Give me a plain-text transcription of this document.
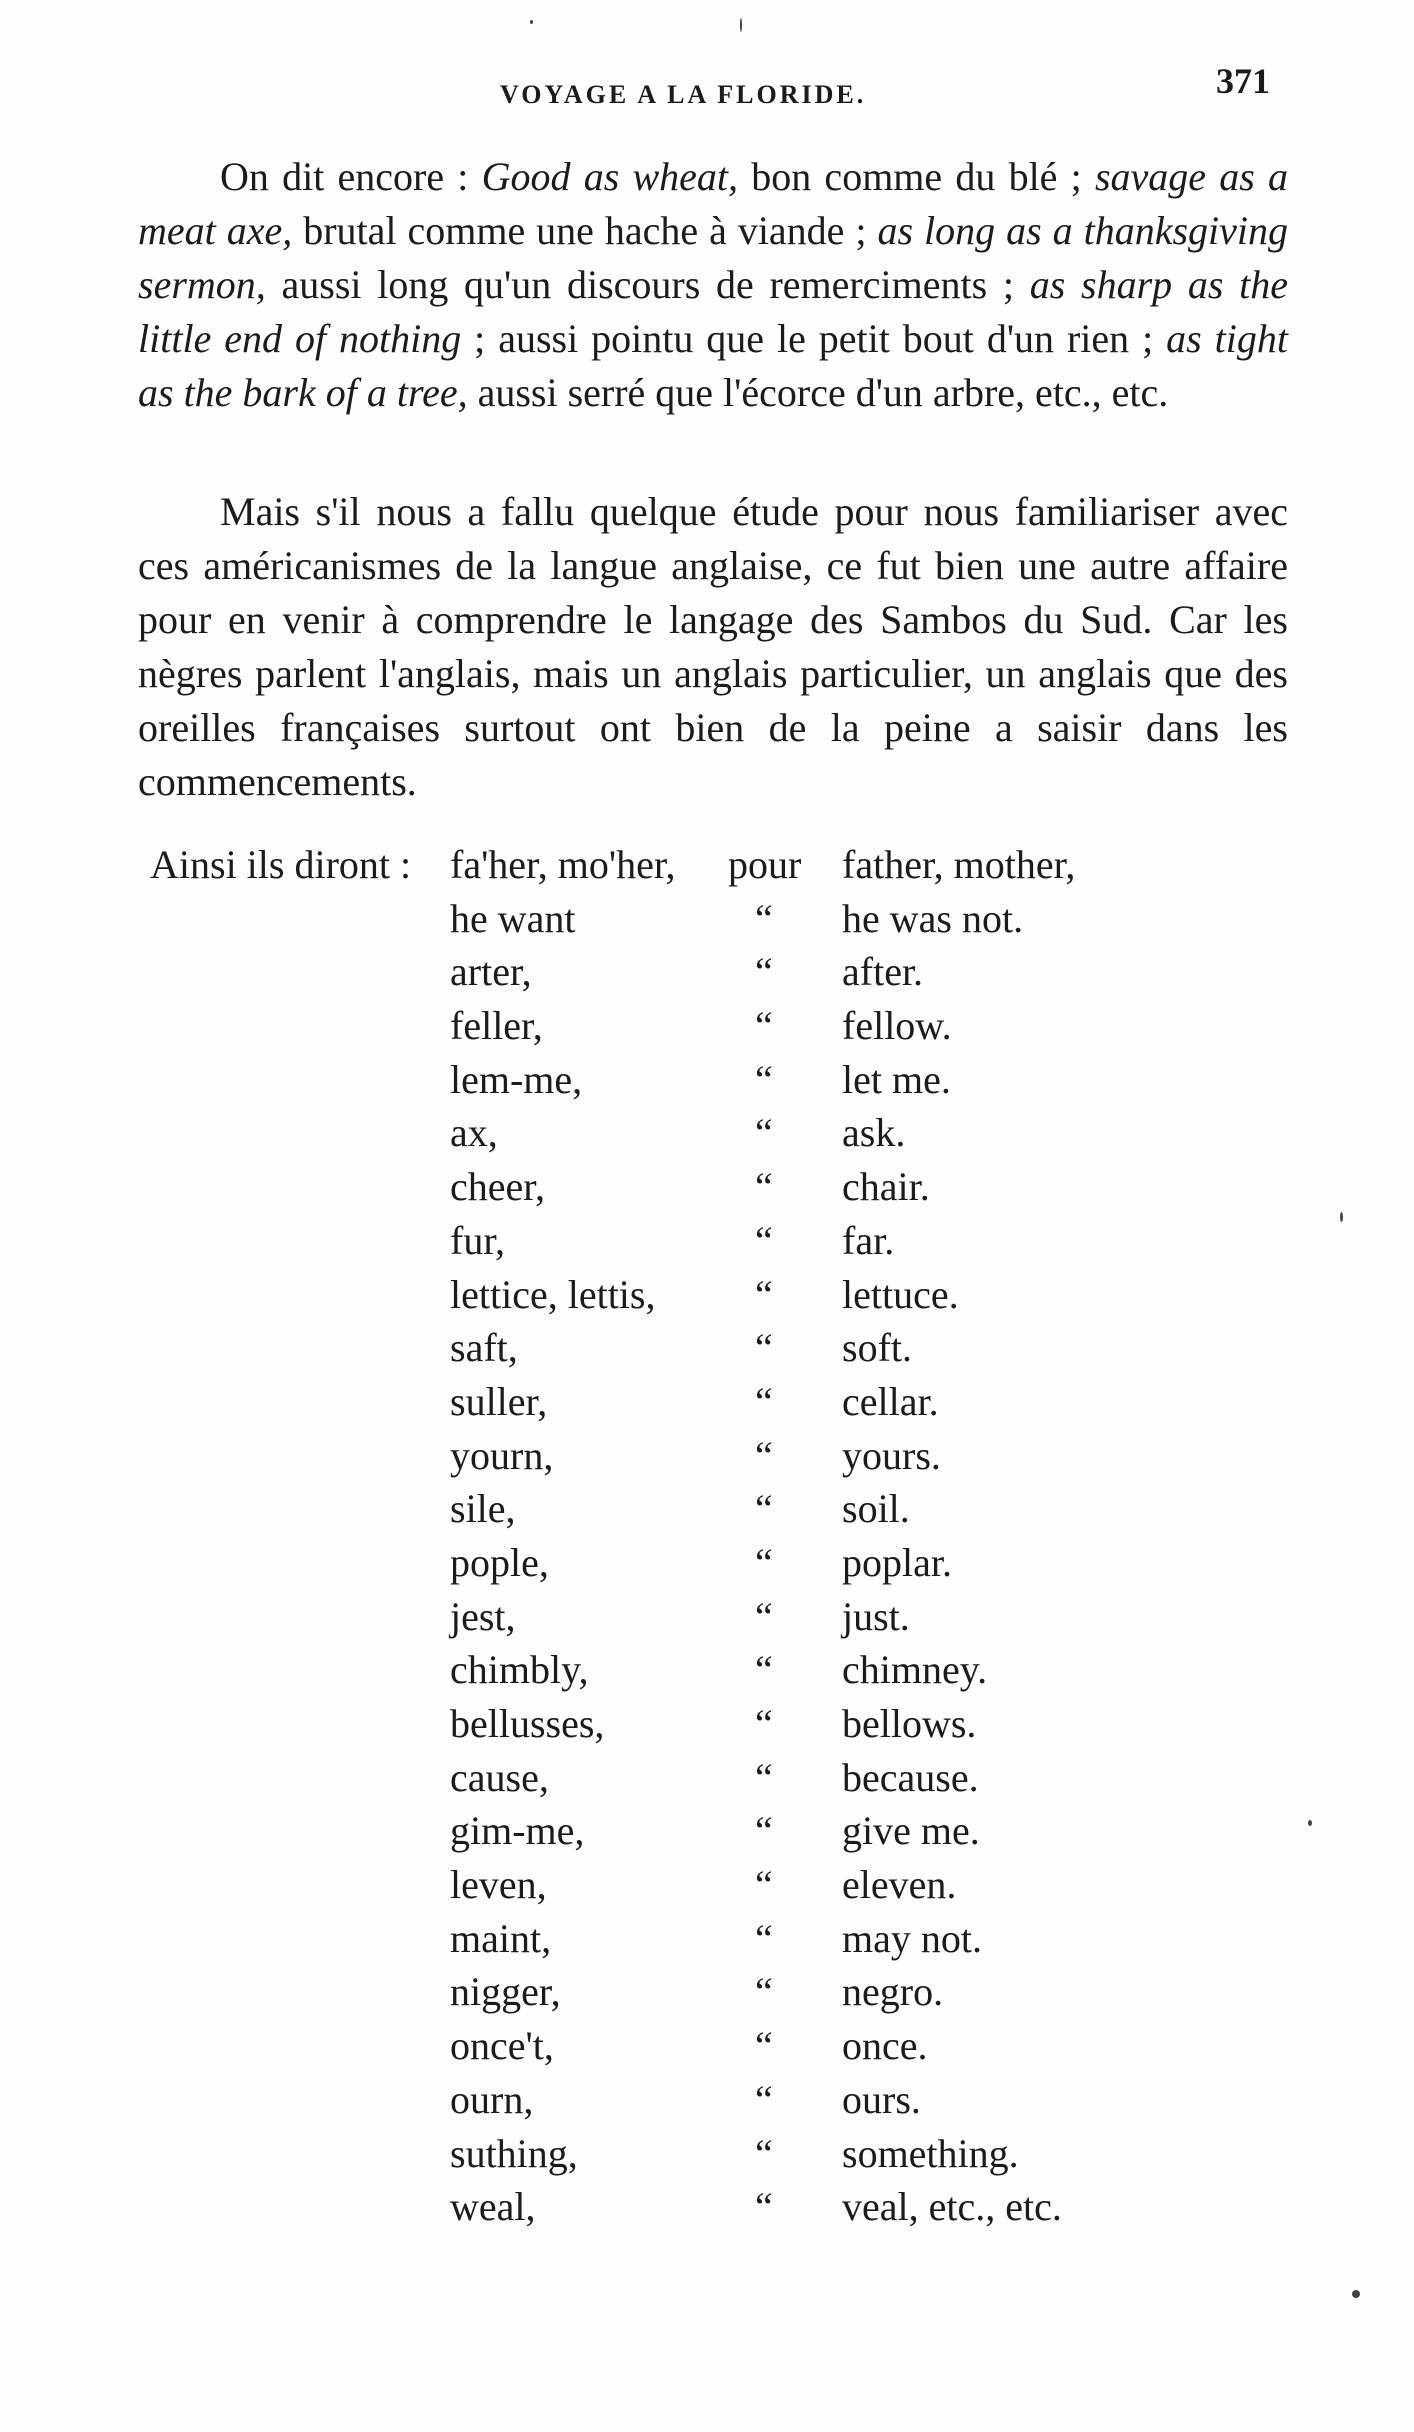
VOYAGE A LA FLORIDE.	371

On dit encore : Good as wheat, bon comme du blé ; savage as a meat axe, brutal comme une hache à viande ; as long as a thanksgiving sermon, aussi long qu'un discours de remerciments ; as sharp as the little end of nothing ; aussi pointu que le petit bout d'un rien ; as tight as the bark of a tree, aussi serré que l'écorce d'un arbre, etc., etc.

Mais s'il nous a fallu quelque étude pour nous familiariser avec ces américanismes de la langue anglaise, ce fut bien une autre affaire pour en venir à comprendre le langage des Sambos du Sud. Car les nègres parlent l'anglais, mais un anglais particulier, un anglais que des oreilles françaises surtout ont bien de la peine a saisir dans les commencements.

Ainsi ils diront : fa'her, mo'her, pour father, mother,
he want	“ he was not.
arter,	“ after.
feller,	“ fellow.
lem-me,	“ let me.
ax,	“ ask.
cheer,	“ chair.
fur,	“ far.
lettice, lettis, “ lettuce.
saft,	“ soft.
suller,	“ cellar.
yourn,	“ yours.
sile,	“ soil.
pople,	“ poplar.
jest,	“ just.
chimbly,	“ chimney.
bellusses,	“ bellows.
cause,	“ because.
gim-me,	“ give me.
leven,	“ eleven.
maint,	“ may not.
nigger,	“ negro.
once't,	“ once.
ourn,	“ ours.
suthing,	“ something.
weal,	“ veal, etc., etc.
